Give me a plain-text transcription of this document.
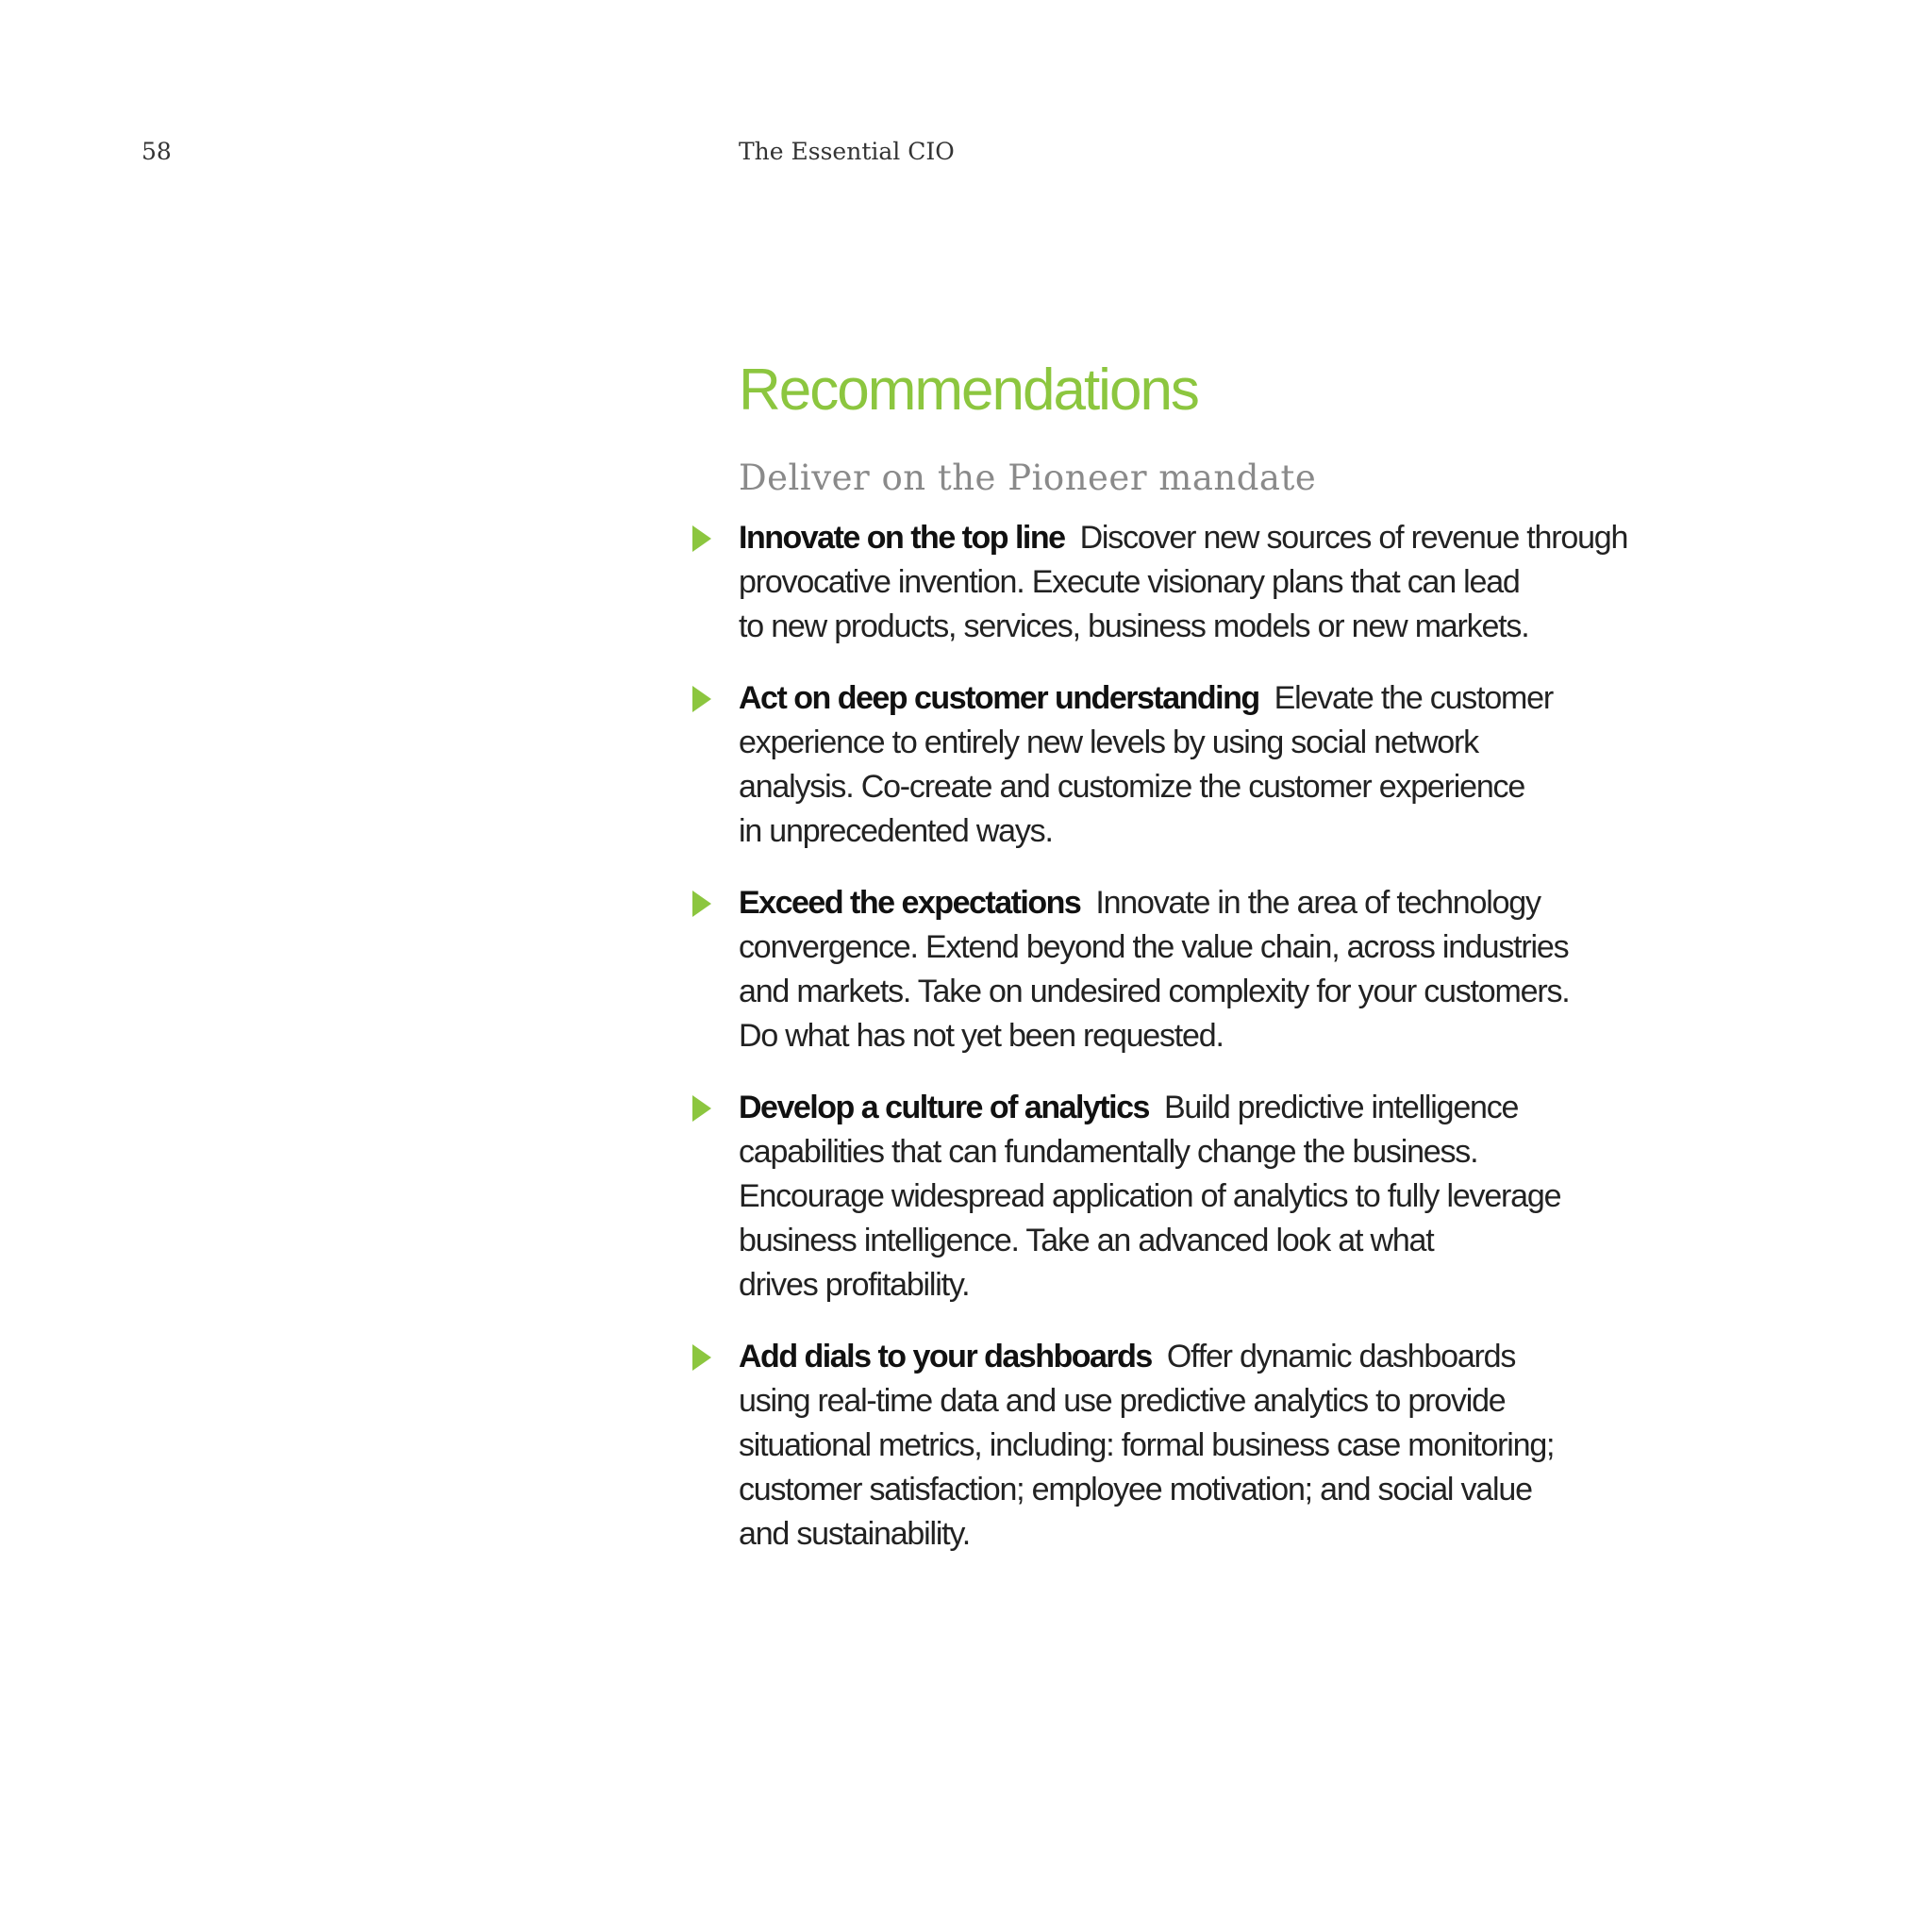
58	The Essential CIO
Recommendations
Deliver on the Pioneer mandate
Innovate on the top line Discover new sources of revenue through
provocative invention. Execute visionary plans that can lead
to new products, services, business models or new markets.
Act on deep customer understanding Elevate the customer
experience to entirely new levels by using social network
analysis. Co-create and customize the customer experience
in unprecedented ways.
Exceed the expectations Innovate in the area of technology
convergence. Extend beyond the value chain, across industries
and markets. Take on undesired complexity for your customers.
Do what has not yet been requested.
Develop a culture of analytics Build predictive intelligence
capabilities that can fundamentally change the business.
Encourage widespread application of analytics to fully leverage
business intelligence. Take an advanced look at what
drives profitability.
Add dials to your dashboards Offer dynamic dashboards
using real-time data and use predictive analytics to provide
situational metrics, including: formal business case monitoring;
customer satisfaction; employee motivation; and social value
and sustainability.
